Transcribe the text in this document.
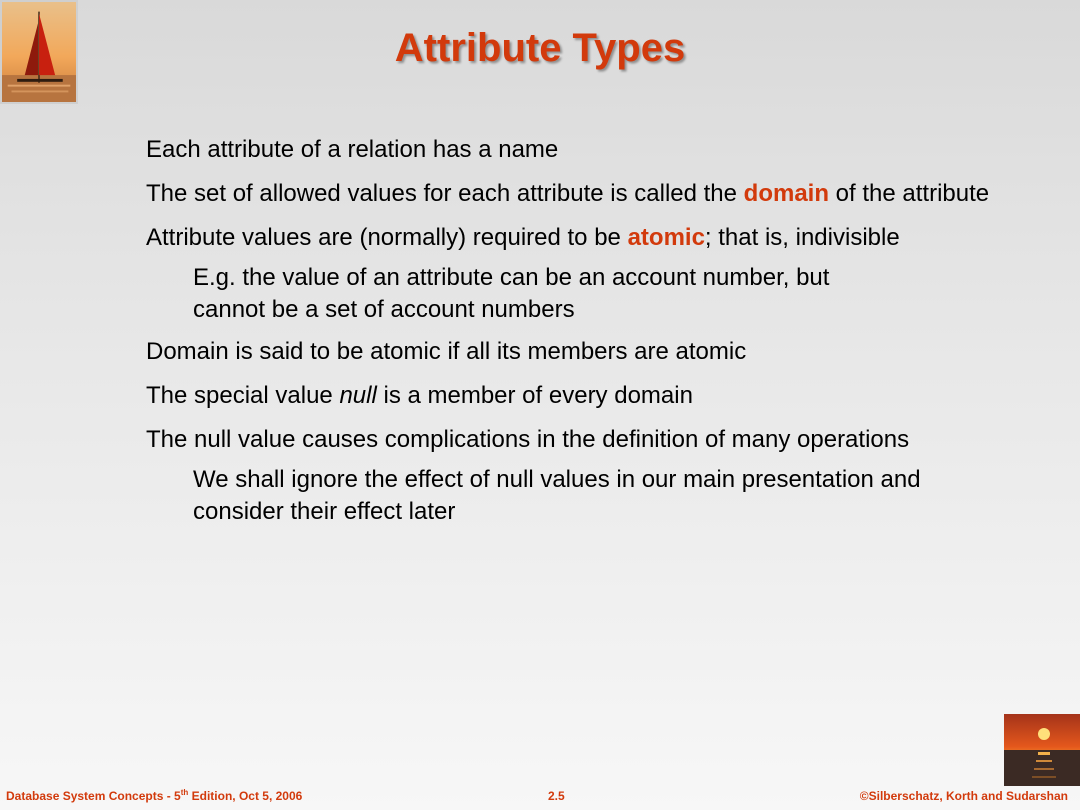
Attribute Types
Each attribute of a relation has a name
The set of allowed values for each attribute is called the domain of the attribute
Attribute values are (normally) required to be atomic; that is, indivisible
E.g. the value of an attribute can be an account number, but cannot be a set of account numbers
Domain is said to be atomic if all its members are atomic
The special value null is a member of every domain
The null value causes complications in the definition of many operations
We shall ignore the effect of null values in our main presentation and consider their effect later
Database System Concepts - 5th Edition, Oct 5, 2006	2.5	©Silberschatz, Korth and Sudarshan
